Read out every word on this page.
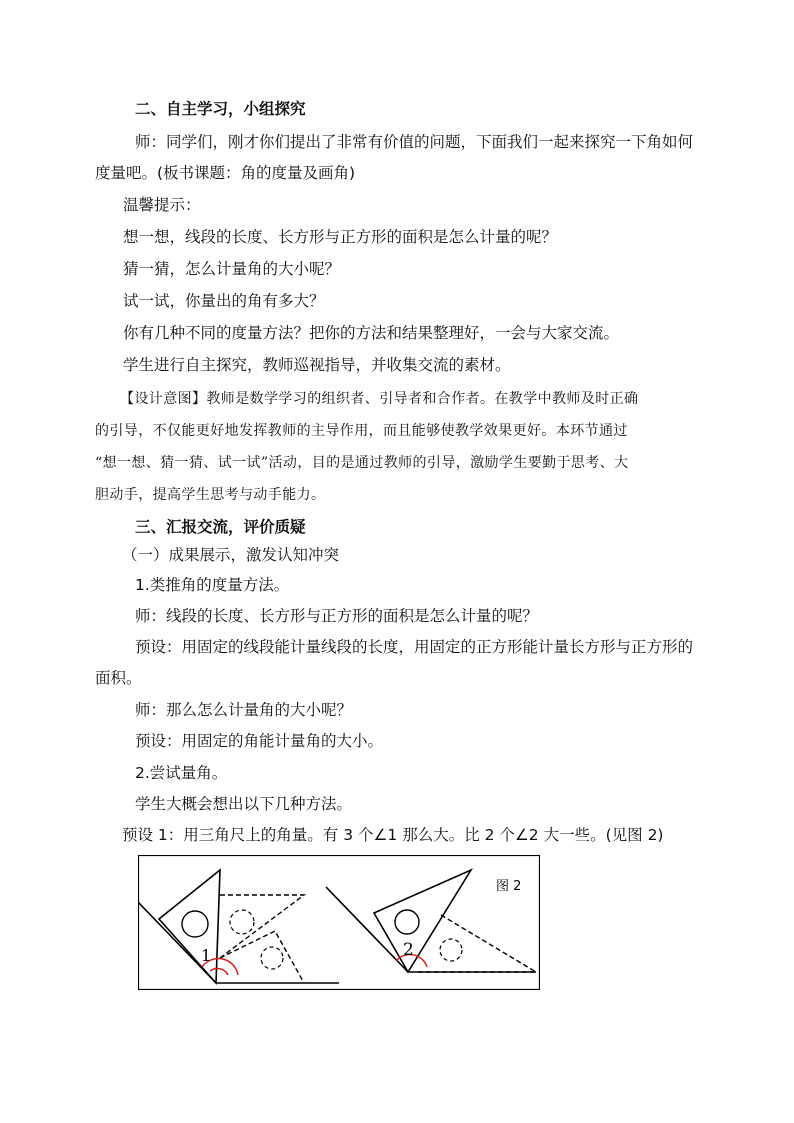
二、自主学习，小组探究
师：同学们，刚才你们提出了非常有价值的问题，下面我们一起来探究一下角如何
度量吧。(板书课题：角的度量及画角)
温馨提示：
想一想，线段的长度、长方形与正方形的面积是怎么计量的呢？
猜一猜，怎么计量角的大小呢？
试一试，你量出的角有多大？
你有几种不同的度量方法？把你的方法和结果整理好，一会与大家交流。
学生进行自主探究，教师巡视指导，并收集交流的素材。
【设计意图】教师是数学学习的组织者、引导者和合作者。在教学中教师及时正确
的引导，不仅能更好地发挥教师的主导作用，而且能够使教学效果更好。本环节通过
“想一想、猜一猜、试一试”活动，目的是通过教师的引导，激励学生要勤于思考、大
胆动手，提高学生思考与动手能力。
三、汇报交流，评价质疑
（一）成果展示，激发认知冲突
1.类推角的度量方法。
师：线段的长度、长方形与正方形的面积是怎么计量的呢？
预设：用固定的线段能计量线段的长度，用固定的正方形能计量长方形与正方形的
面积。
师：那么怎么计量角的大小呢？
预设：用固定的角能计量角的大小。
2.尝试量角。
学生大概会想出以下几种方法。
预设 1：用三角尺上的角量。有 3 个∠1 那么大。比 2 个∠2 大一些。(见图 2)
1	2
图 2
